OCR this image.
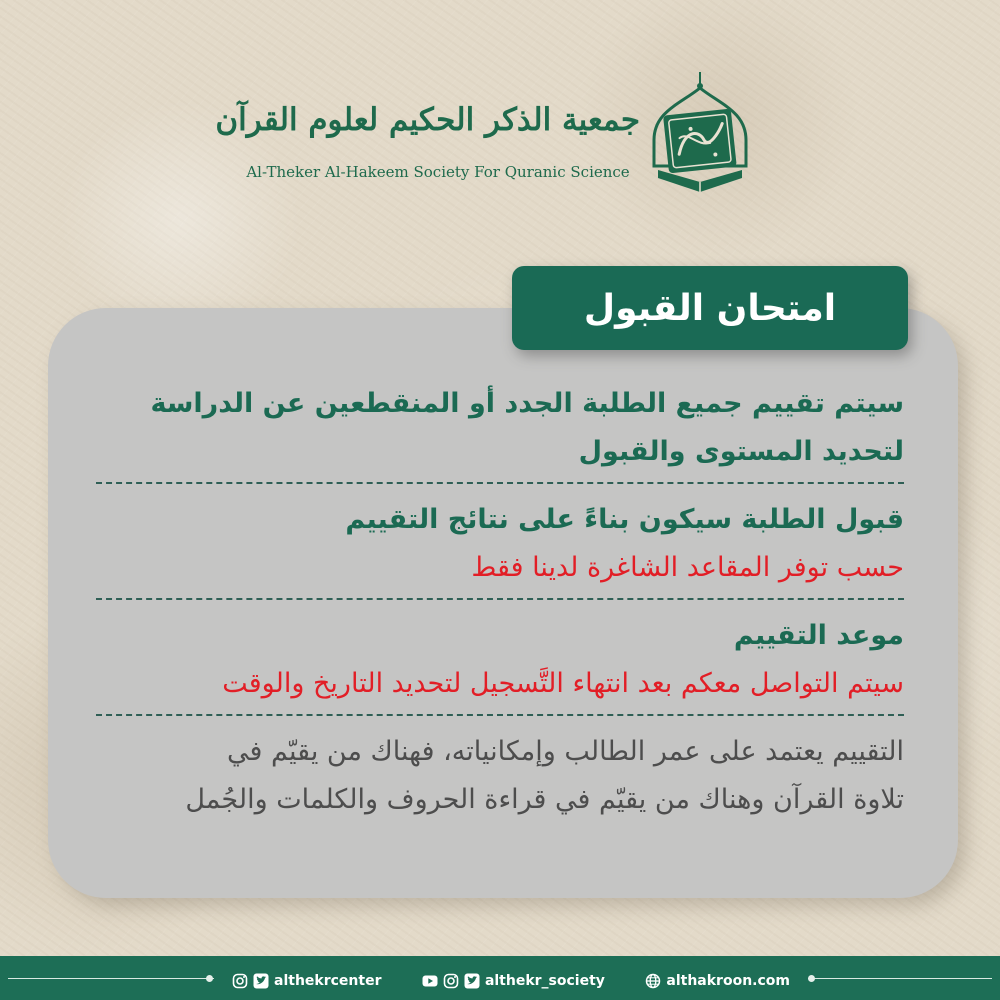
جمعية الذكر الحكيم لعلوم القرآن
Al-Theker Al-Hakeem Society For Quranic Science
امتحان القبول
سيتم تقييم جميع الطلبة الجدد أو المنقطعين عن الدراسة
لتحديد المستوى والقبول
قبول الطلبة سيكون بناءً على نتائج التقييم
حسب توفر المقاعد الشاغرة لدينا فقط
موعد التقييم
سيتم التواصل معكم بعد انتهاء التَّسجيل لتحديد التاريخ والوقت
التقييم يعتمد على عمر الطالب وإمكانياته، فهناك من يقيّم في
تلاوة القرآن وهناك من يقيّم في قراءة الحروف والكلمات والجُمل
althekrcenter	althekr_society	althakroon.com
